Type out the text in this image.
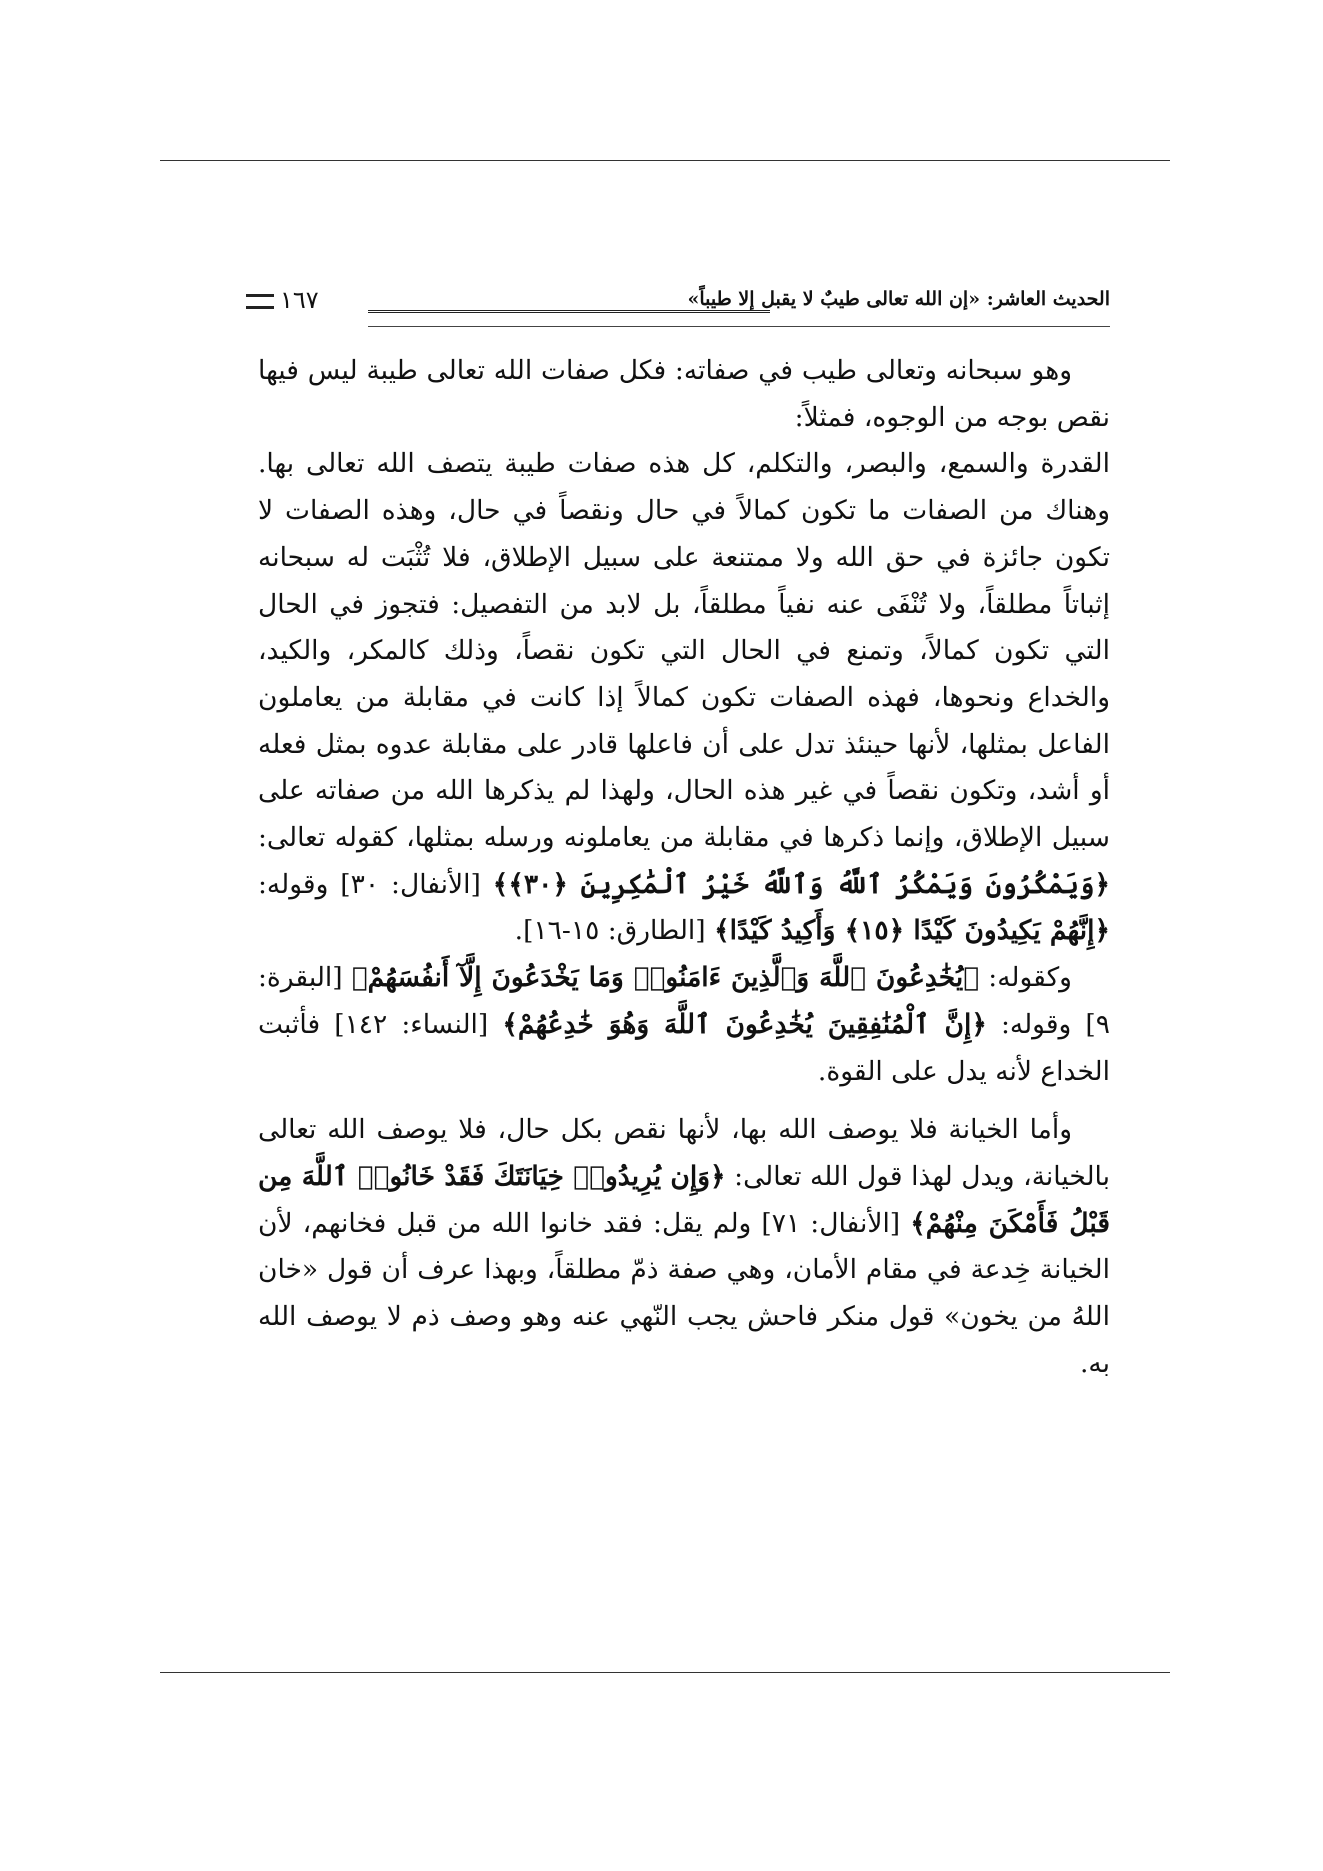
الحديث العاشر: «إن الله تعالى طيبٌ لا يقبل إلا طيباً»
١٦٧

وهو سبحانه وتعالى طيب في صفاته: فكل صفات الله تعالى طيبة ليس فيها نقص بوجه من الوجوه، فمثلاً:

القدرة والسمع، والبصر، والتكلم، كل هذه صفات طيبة يتصف الله تعالى بها. وهناك من الصفات ما تكون كمالاً في حال ونقصاً في حال، وهذه الصفات لا تكون جائزة في حق الله ولا ممتنعة على سبيل الإطلاق، فلا تُثْبَت له سبحانه إثباتاً مطلقاً، ولا تُنْفَى عنه نفياً مطلقاً، بل لابد من التفصيل: فتجوز في الحال التي تكون كمالاً، وتمنع في الحال التي تكون نقصاً، وذلك كالمكر، والكيد، والخداع ونحوها، فهذه الصفات تكون كمالاً إذا كانت في مقابلة من يعاملون الفاعل بمثلها، لأنها حينئذ تدل على أن فاعلها قادر على مقابلة عدوه بمثل فعله أو أشد، وتكون نقصاً في غير هذه الحال، ولهذا لم يذكرها الله من صفاته على سبيل الإطلاق، وإنما ذكرها في مقابلة من يعاملونه ورسله بمثلها، كقوله تعالى: ﴿وَيَمْكُرُونَ وَيَمْكُرُ ٱللَّهُ وَٱللَّهُ خَيْرُ ٱلْمَٰكِرِينَ ﴿٣٠﴾﴾ [الأنفال: ٣٠] وقوله: ﴿إِنَّهُمْ يَكِيدُونَ كَيْدًا ﴿١٥﴾ وَأَكِيدُ كَيْدًا﴾ [الطارق: ١٥-١٦].

وكقوله: ﴿يُخَٰدِعُونَ ٱللَّهَ وَٱلَّذِينَ ءَامَنُوا۟ وَمَا يَخْدَعُونَ إِلَّآ أَنفُسَهُمْ﴾ [البقرة: ٩] وقوله: ﴿إِنَّ ٱلْمُنَٰفِقِينَ يُخَٰدِعُونَ ٱللَّهَ وَهُوَ خَٰدِعُهُمْ﴾ [النساء: ١٤٢] فأثبت الخداع لأنه يدل على القوة.

وأما الخيانة فلا يوصف الله بها، لأنها نقص بكل حال، فلا يوصف الله تعالى بالخيانة، ويدل لهذا قول الله تعالى: ﴿وَإِن يُرِيدُوا۟ خِيَانَتَكَ فَقَدْ خَانُوا۟ ٱللَّهَ مِن قَبْلُ فَأَمْكَنَ مِنْهُمْ﴾ [الأنفال: ٧١] ولم يقل: فقد خانوا الله من قبل فخانهم، لأن الخيانة خِدعة في مقام الأمان، وهي صفة ذمّ مطلقاً، وبهذا عرف أن قول «خان اللهُ من يخون» قول منكر فاحش يجب النّهي عنه وهو وصف ذم لا يوصف الله به.
